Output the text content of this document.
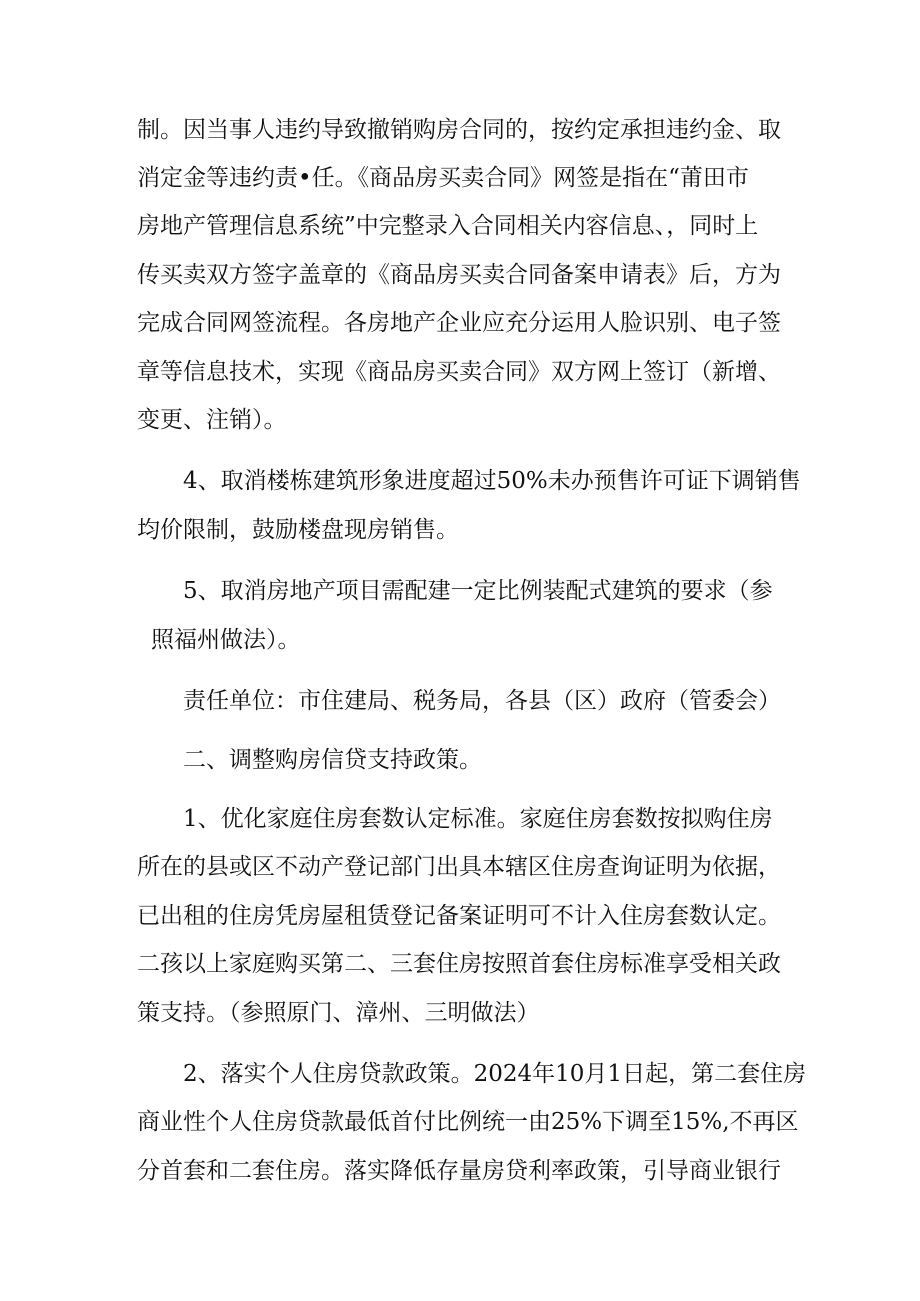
制。因当事人违约导致撤销购房合同的，按约定承担违约金、取
消定金等违约责•任。《商品房买卖合同》网签是指在“莆田市
房地产管理信息系统”中完整录入合同相关内容信息、，同时上
传买卖双方签字盖章的《商品房买卖合同备案申请表》后，方为
完成合同网签流程。各房地产企业应充分运用人脸识别、电子签
章等信息技术，实现《商品房买卖合同》双方网上签订（新增、
变更、注销）。
4、取消楼栋建筑形象进度超过50%未办预售许可证下调销售
均价限制，鼓励楼盘现房销售。
5、取消房地产项目需配建一定比例装配式建筑的要求（参
照福州做法）。
责任单位：市住建局、税务局，各县（区）政府（管委会）
二、调整购房信贷支持政策。
1、优化家庭住房套数认定标准。家庭住房套数按拟购住房
所在的县或区不动产登记部门出具本辖区住房查询证明为依据，
已出租的住房凭房屋租赁登记备案证明可不计入住房套数认定。
二孩以上家庭购买第二、三套住房按照首套住房标准享受相关政
策支持。（参照原门、漳州、三明做法）
2、落实个人住房贷款政策。2024年10月1日起，第二套住房
商业性个人住房贷款最低首付比例统一由25%下调至15%,不再区
分首套和二套住房。落实降低存量房贷利率政策，引导商业银行
